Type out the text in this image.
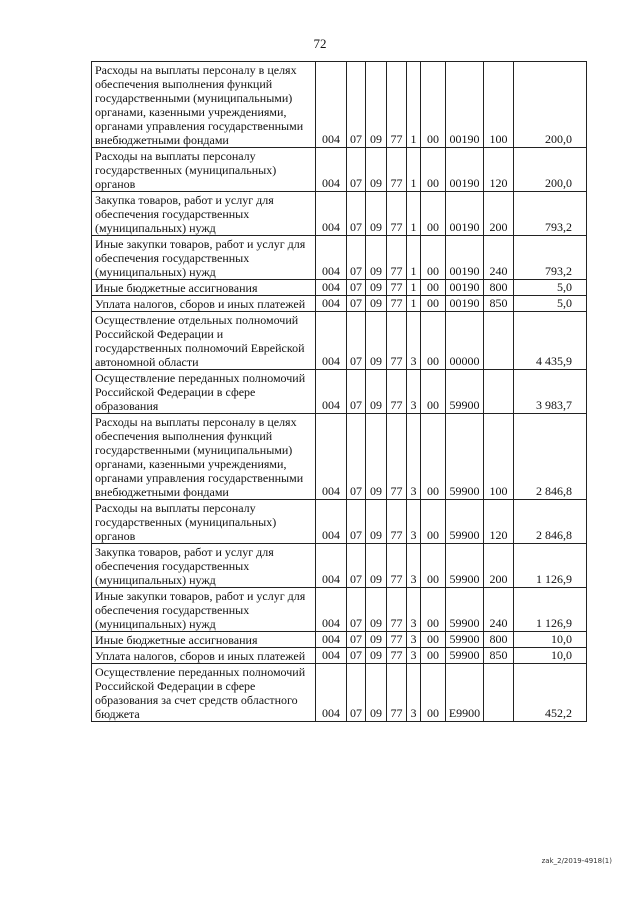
72
Расходы на выплаты персоналу в целях обеспечения выполнения функций государственными (муниципальными) органами, казенными учреждениями, органами управления государственными внебюджетными фондами	004	07	09	77	1	00	00190	100	200,0
Расходы на выплаты персоналу государственных (муниципальных) органов	004	07	09	77	1	00	00190	120	200,0
Закупка товаров, работ и услуг для обеспечения государственных (муниципальных) нужд	004	07	09	77	1	00	00190	200	793,2
Иные закупки товаров, работ и услуг для обеспечения государственных (муниципальных) нужд	004	07	09	77	1	00	00190	240	793,2
Иные бюджетные ассигнования	004	07	09	77	1	00	00190	800	5,0
Уплата налогов, сборов и иных платежей	004	07	09	77	1	00	00190	850	5,0
Осуществление отдельных полномочий Российской Федерации и государственных полномочий Еврейской автономной области	004	07	09	77	3	00	00000		4 435,9
Осуществление переданных полномочий Российской Федерации в сфере образования	004	07	09	77	3	00	59900		3 983,7
Расходы на выплаты персоналу в целях обеспечения выполнения функций государственными (муниципальными) органами, казенными учреждениями, органами управления государственными внебюджетными фондами	004	07	09	77	3	00	59900	100	2 846,8
Расходы на выплаты персоналу государственных (муниципальных) органов	004	07	09	77	3	00	59900	120	2 846,8
Закупка товаров, работ и услуг для обеспечения государственных (муниципальных) нужд	004	07	09	77	3	00	59900	200	1 126,9
Иные закупки товаров, работ и услуг для обеспечения государственных (муниципальных) нужд	004	07	09	77	3	00	59900	240	1 126,9
Иные бюджетные ассигнования	004	07	09	77	3	00	59900	800	10,0
Уплата налогов, сборов и иных платежей	004	07	09	77	3	00	59900	850	10,0
Осуществление переданных полномочий Российской Федерации в сфере образования за счет средств областного бюджета	004	07	09	77	3	00	E9900		452,2
zak_2/2019-4918(1)
